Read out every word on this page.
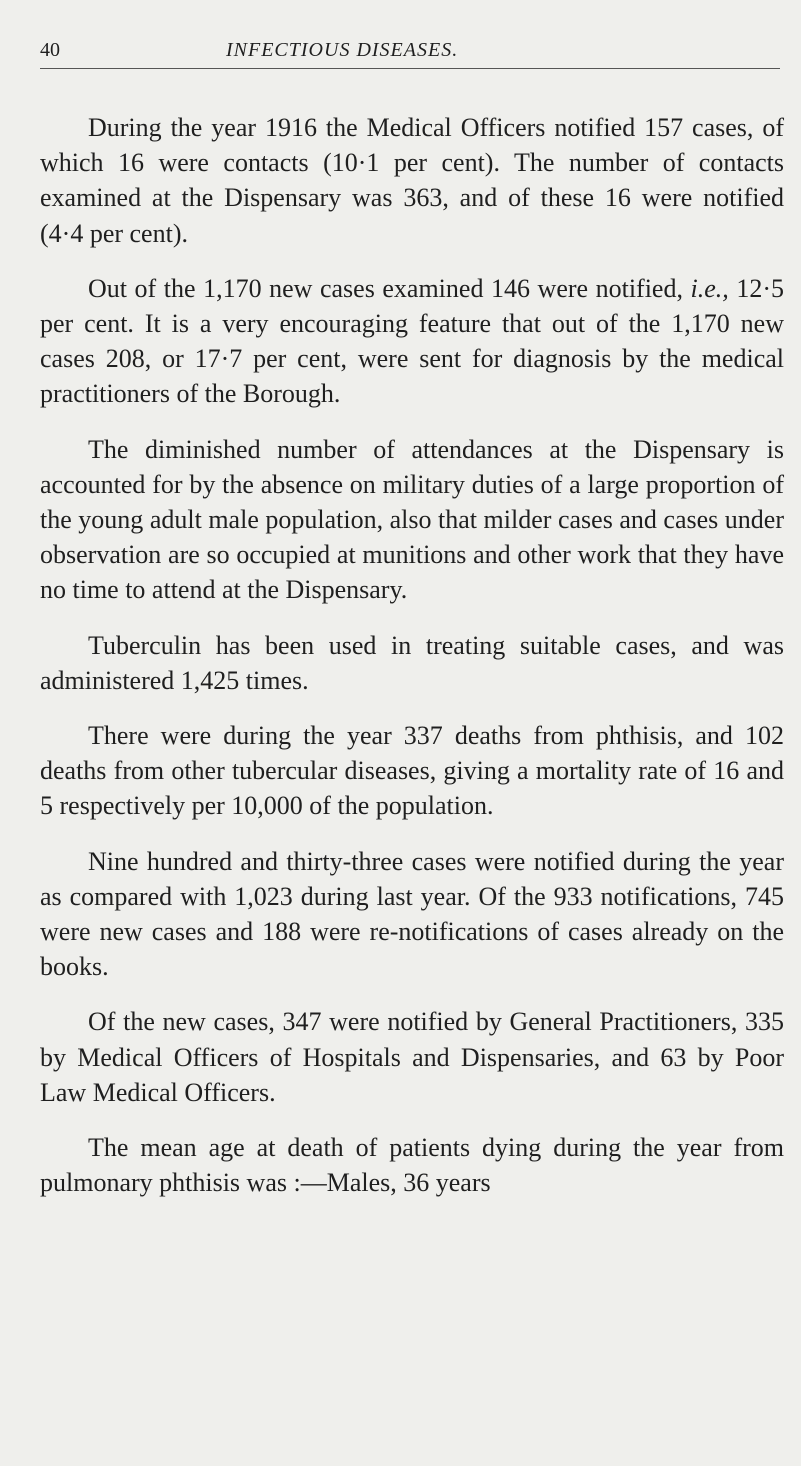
40	INFECTIOUS DISEASES.

During the year 1916 the Medical Officers notified 157 cases, of which 16 were contacts (10·1 per cent). The number of contacts examined at the Dispensary was 363, and of these 16 were notified (4·4 per cent).

Out of the 1,170 new cases examined 146 were notified, i.e., 12·5 per cent. It is a very encouraging feature that out of the 1,170 new cases 208, or 17·7 per cent, were sent for diagnosis by the medical practitioners of the Borough.

The diminished number of attendances at the Dispensary is accounted for by the absence on military duties of a large proportion of the young adult male population, also that milder cases and cases under observation are so occupied at munitions and other work that they have no time to attend at the Dispensary.

Tuberculin has been used in treating suitable cases, and was administered 1,425 times.

There were during the year 337 deaths from phthisis, and 102 deaths from other tubercular diseases, giving a mortality rate of 16 and 5 respectively per 10,000 of the population.

Nine hundred and thirty-three cases were notified during the year as compared with 1,023 during last year. Of the 933 notifications, 745 were new cases and 188 were re-notifications of cases already on the books.

Of the new cases, 347 were notified by General Practitioners, 335 by Medical Officers of Hospitals and Dispensaries, and 63 by Poor Law Medical Officers.

The mean age at death of patients dying during the year from pulmonary phthisis was :—Males, 36 years
